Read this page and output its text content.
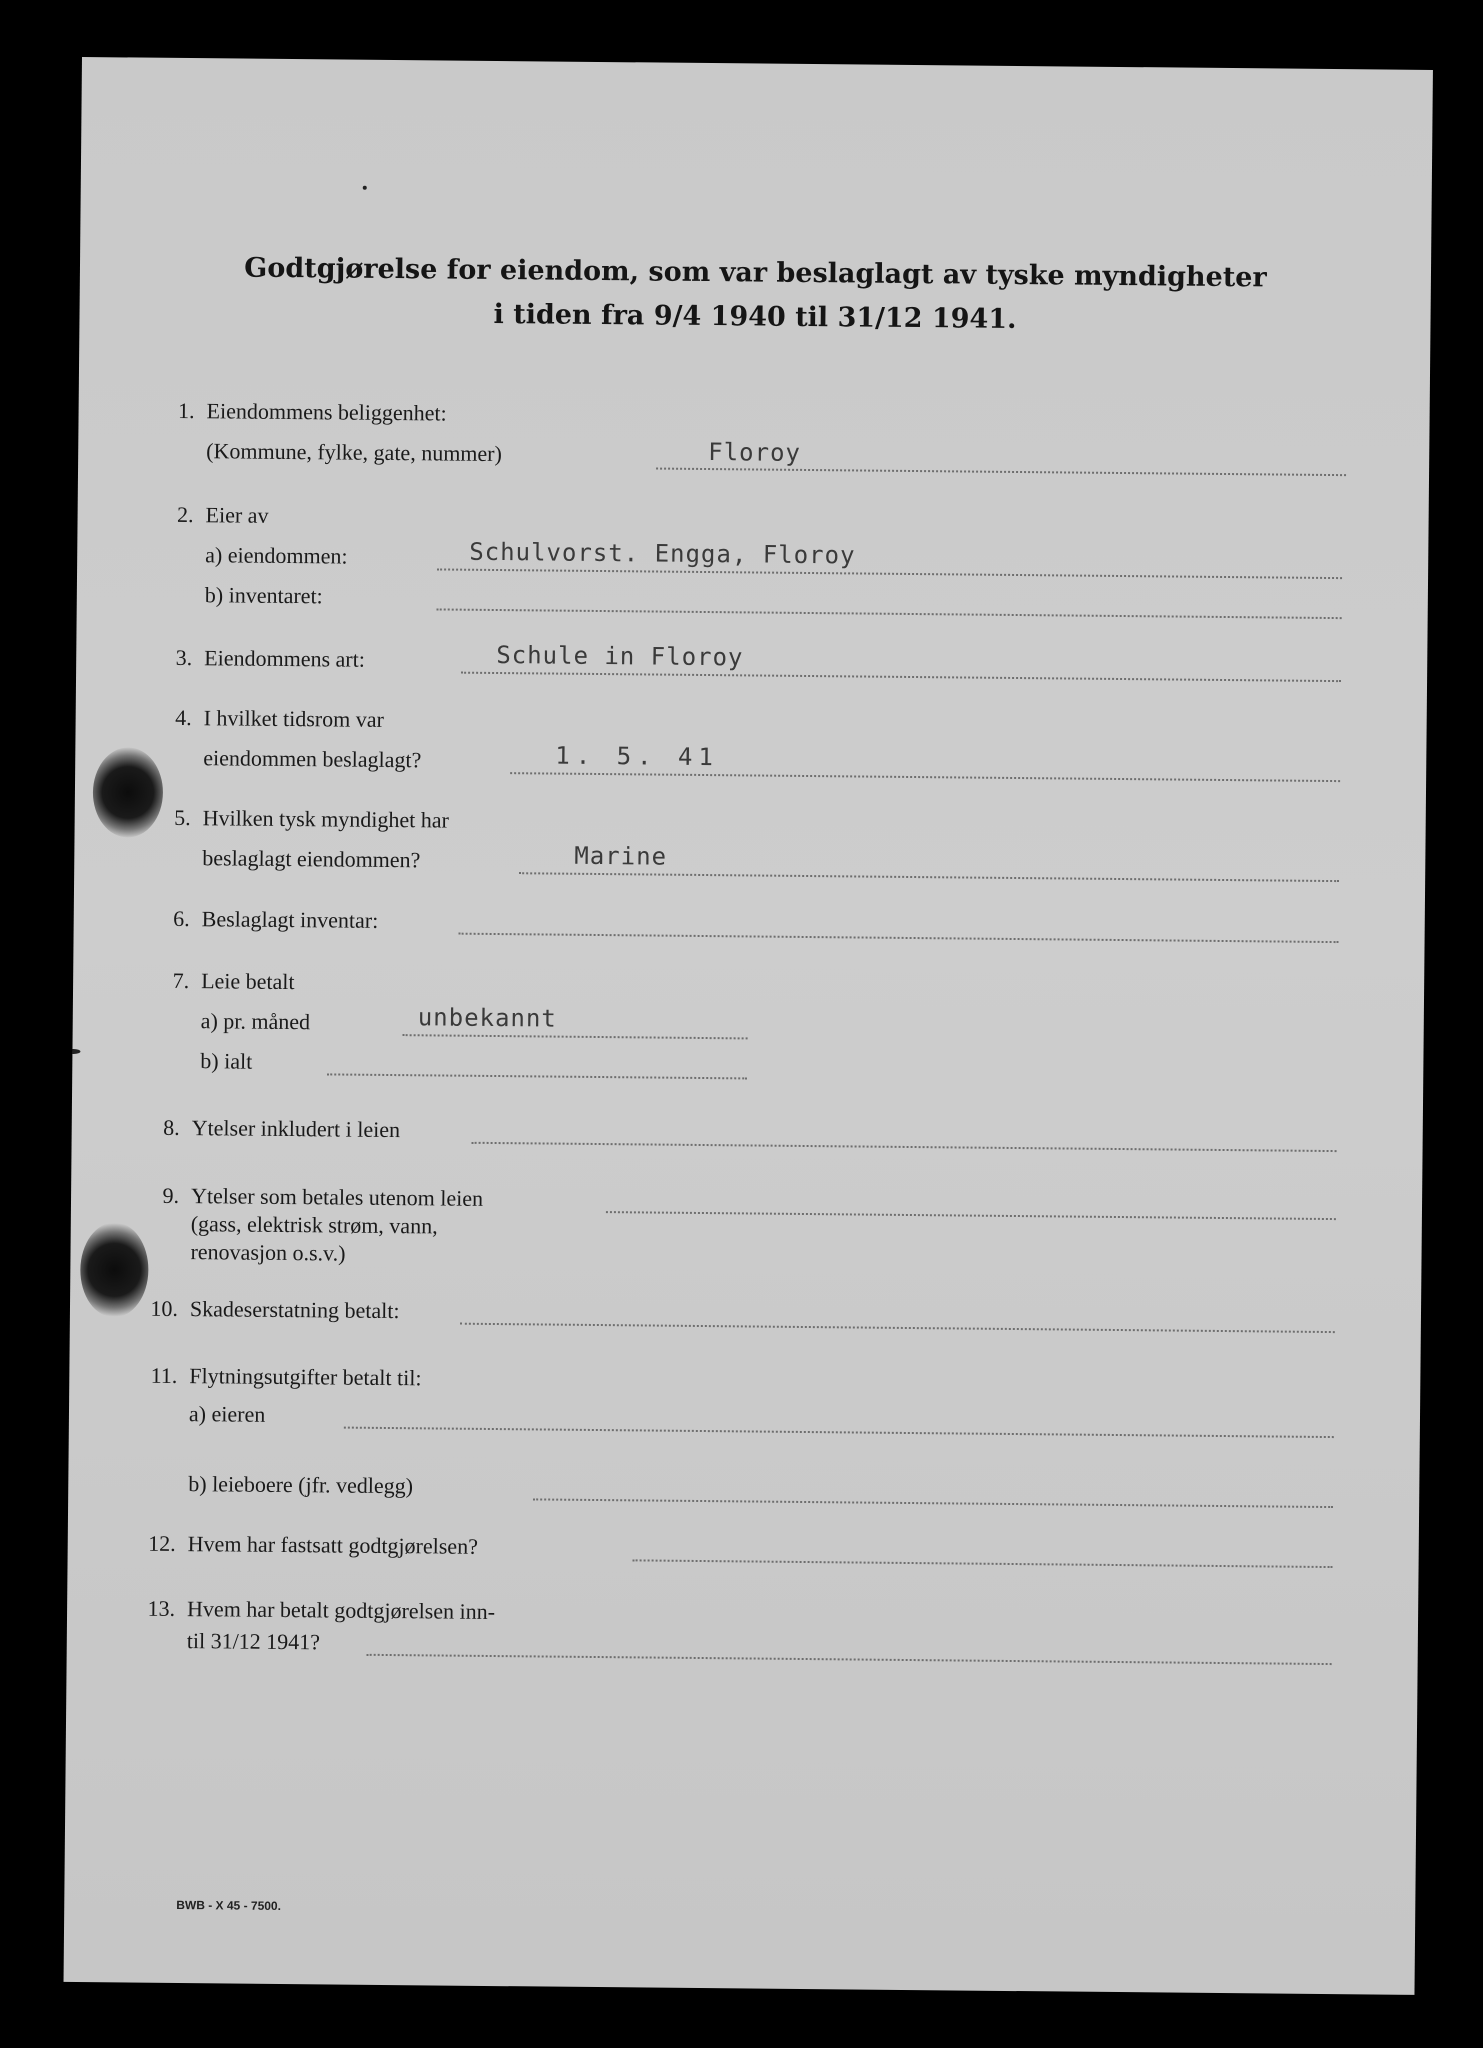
Godtgjørelse for eiendom, som var beslaglagt av tyske myndigheter
i tiden fra 9/4 1940 til 31/12 1941.
1. Eiendommens beliggenhet:
(Kommune, fylke, gate, nummer)	Floroy
2. Eier av
a) eiendommen:	Schulvorst. Engga, Floroy
b) inventaret:
3. Eiendommens art:	Schule in Floroy
4. I hvilket tidsrom var
eiendommen beslaglagt?	1. 5. 41
5. Hvilken tysk myndighet har
beslaglagt eiendommen?	Marine
6. Beslaglagt inventar:
7. Leie betalt
a) pr. måned	unbekannt
b) ialt
8. Ytelser inkludert i leien
9. Ytelser som betales utenom leien
(gass, elektrisk strøm, vann,
renovasjon o.s.v.)
10. Skadeserstatning betalt:
11. Flytningsutgifter betalt til:
a) eieren
b) leieboere (jfr. vedlegg)
12. Hvem har fastsatt godtgjørelsen?
13. Hvem har betalt godtgjørelsen inn-
til 31/12 1941?
BWB - X 45 - 7500.
